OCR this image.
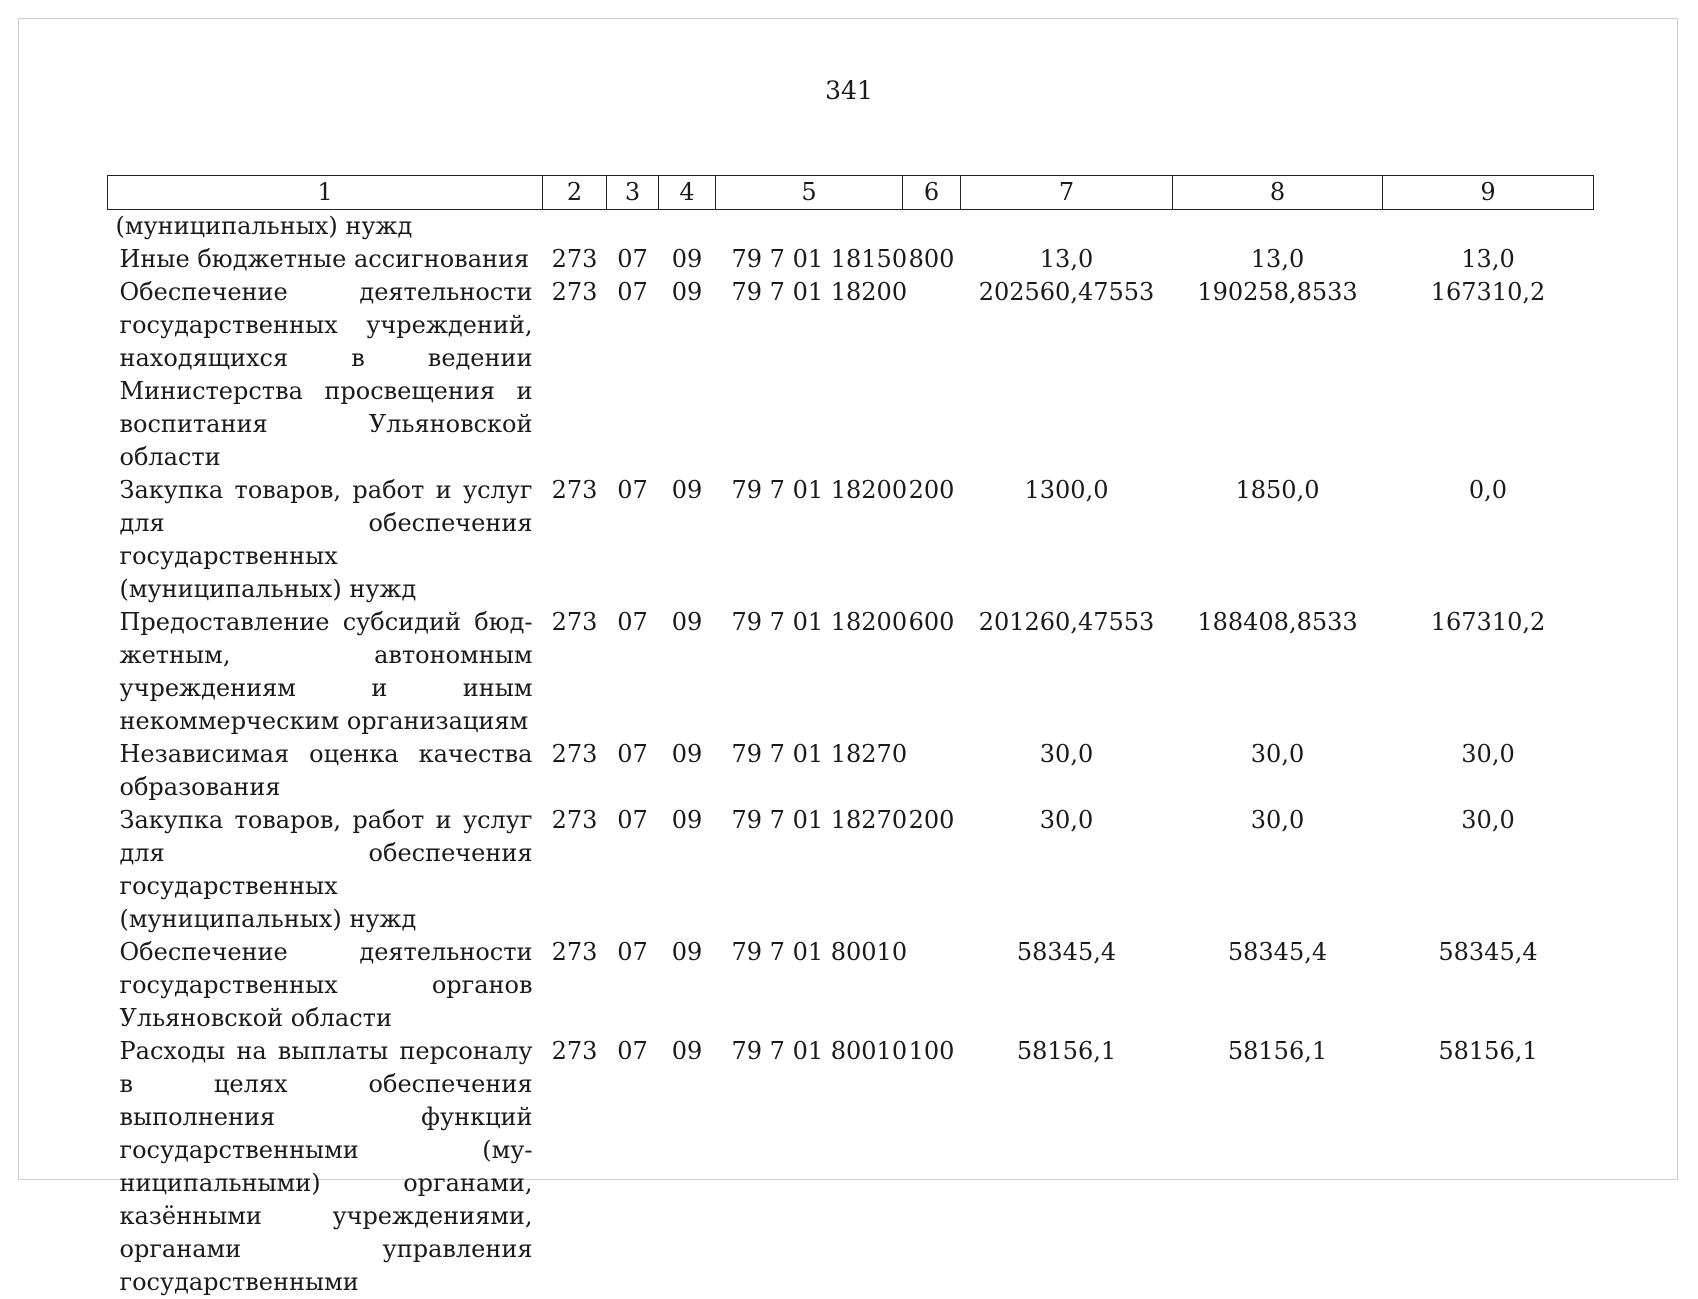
341
1	2	3	4	5	6	7	8	9
(муниципальных) нужд								
Иные бюджетные ассигнования	273	07	09	79 7 01 18150	800	13,0	13,0	13,0
Обеспечение деятельности государственных учреждений, находящихся в ведении Министерства просвещения и воспитания Ульяновской области	273	07	09	79 7 01 18200		202560,47553	190258,8533	167310,2
Закупка товаров, работ и услуг для обеспечения государственных (муниципальных) нужд	273	07	09	79 7 01 18200	200	1300,0	1850,0	0,0
Предоставление субсидий бюджетным, автономным учреждениям и иным некоммерческим организациям	273	07	09	79 7 01 18200	600	201260,47553	188408,8533	167310,2
Независимая оценка качества образования	273	07	09	79 7 01 18270		30,0	30,0	30,0
Закупка товаров, работ и услуг для обеспечения государственных (муниципальных) нужд	273	07	09	79 7 01 18270	200	30,0	30,0	30,0
Обеспечение деятельности государственных органов Ульяновской области	273	07	09	79 7 01 80010		58345,4	58345,4	58345,4
Расходы на выплаты персоналу в целях обеспечения выполнения функций государственными (муниципальными) органами, казёнными учреждениями, органами управления государственными	273	07	09	79 7 01 80010	100	58156,1	58156,1	58156,1
